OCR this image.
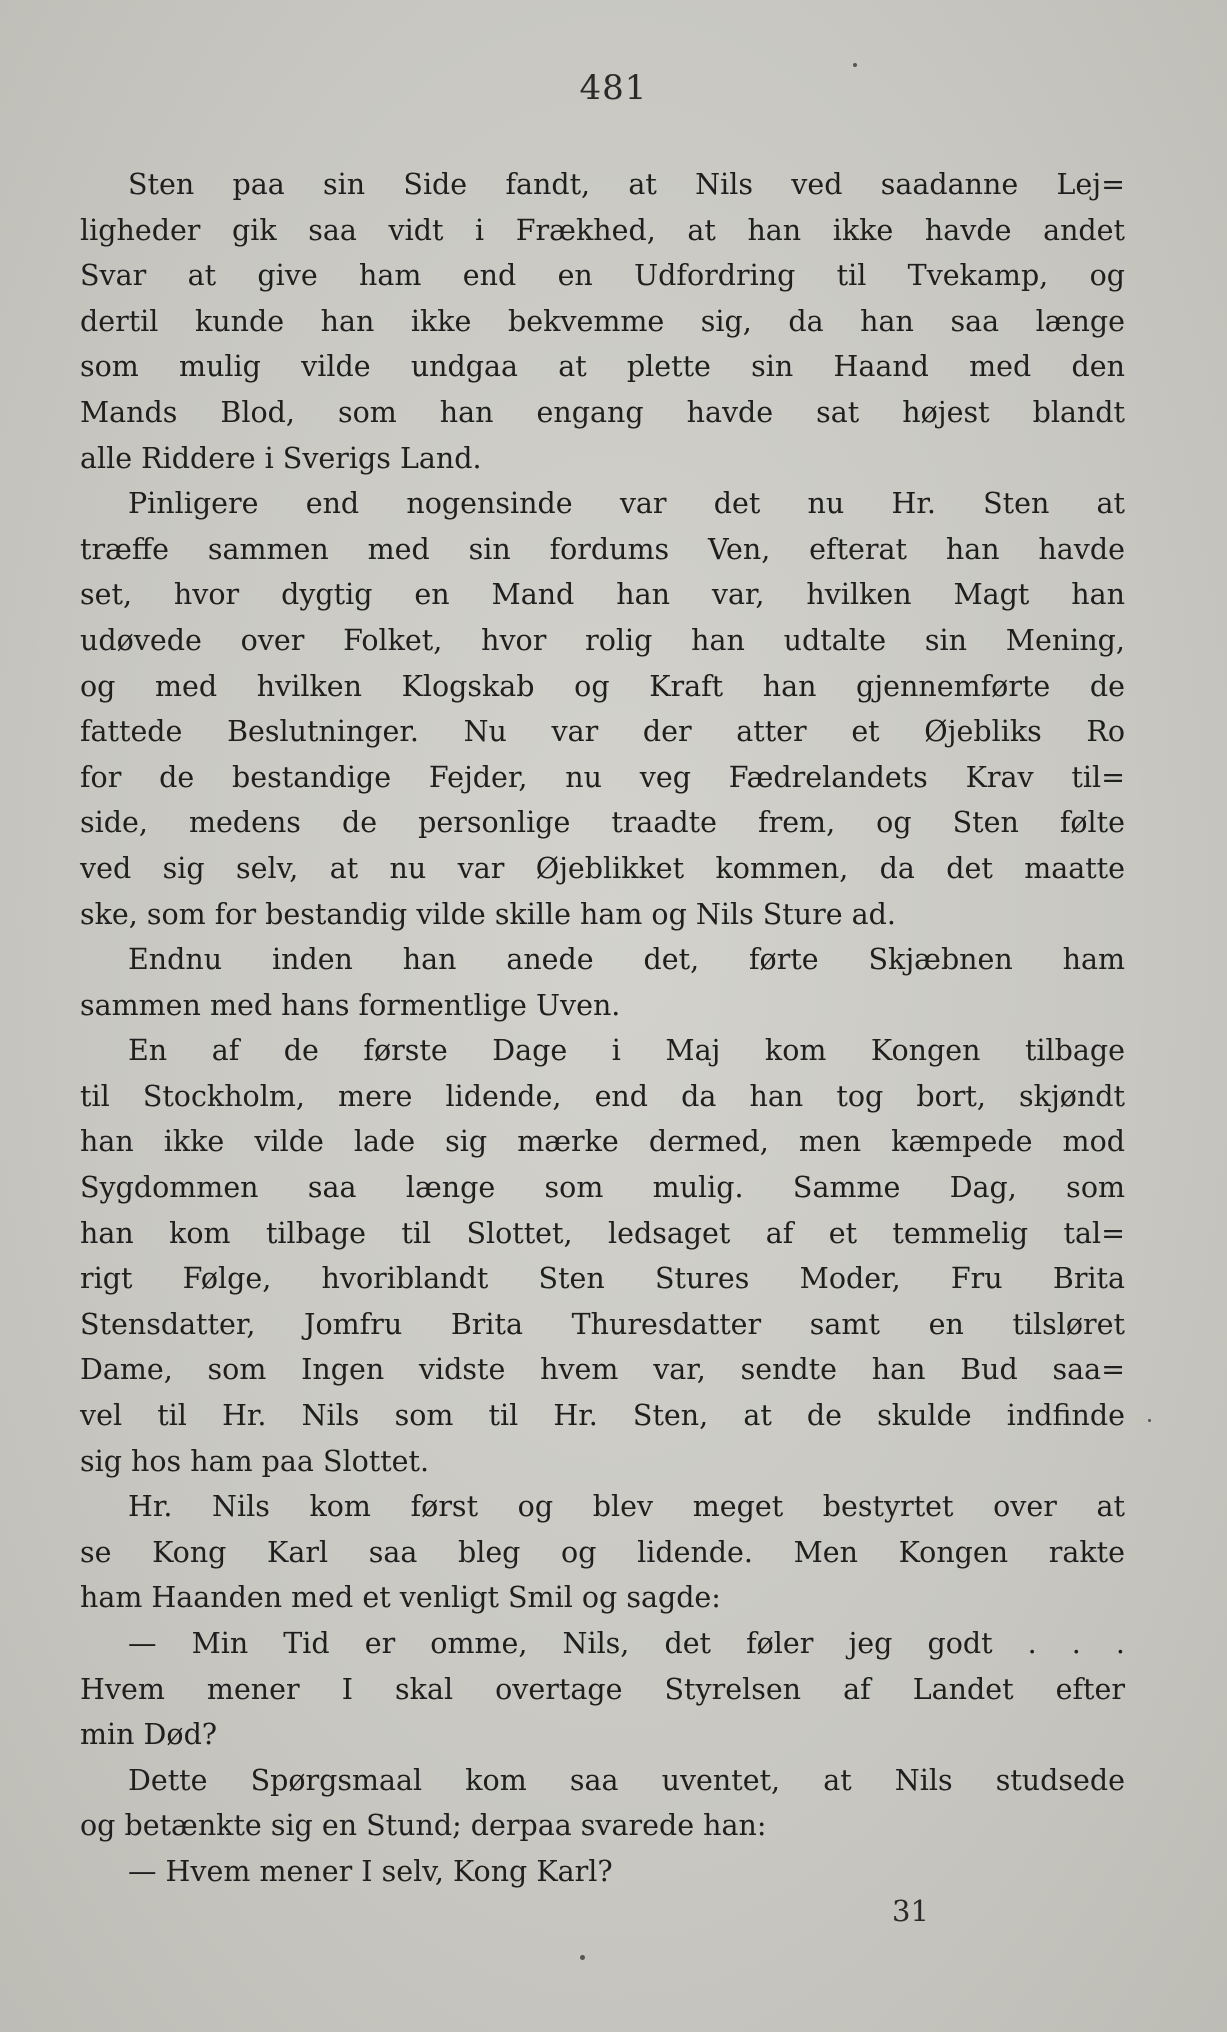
481
Sten paa sin Side fandt, at Nils ved saadanne Lej=
ligheder gik saa vidt i Frækhed, at han ikke havde andet
Svar at give ham end en Udfordring til Tvekamp, og
dertil kunde han ikke bekvemme sig, da han saa længe
som mulig vilde undgaa at plette sin Haand med den
Mands Blod, som han engang havde sat højest blandt
alle Riddere i Sverigs Land.
Pinligere end nogensinde var det nu Hr. Sten at
træffe sammen med sin fordums Ven, efterat han havde
set, hvor dygtig en Mand han var, hvilken Magt han
udøvede over Folket, hvor rolig han udtalte sin Mening,
og med hvilken Klogskab og Kraft han gjennemførte de
fattede Beslutninger. Nu var der atter et Øjebliks Ro
for de bestandige Fejder, nu veg Fædrelandets Krav til=
side, medens de personlige traadte frem, og Sten følte
ved sig selv, at nu var Øjeblikket kommen, da det maatte
ske, som for bestandig vilde skille ham og Nils Sture ad.
Endnu inden han anede det, førte Skjæbnen ham
sammen med hans formentlige Uven.
En af de første Dage i Maj kom Kongen tilbage
til Stockholm, mere lidende, end da han tog bort, skjøndt
han ikke vilde lade sig mærke dermed, men kæmpede mod
Sygdommen saa længe som mulig. Samme Dag, som
han kom tilbage til Slottet, ledsaget af et temmelig tal=
rigt Følge, hvoriblandt Sten Stures Moder, Fru Brita
Stensdatter, Jomfru Brita Thuresdatter samt en tilsløret
Dame, som Ingen vidste hvem var, sendte han Bud saa=
vel til Hr. Nils som til Hr. Sten, at de skulde indfinde
sig hos ham paa Slottet.
Hr. Nils kom først og blev meget bestyrtet over at
se Kong Karl saa bleg og lidende. Men Kongen rakte
ham Haanden med et venligt Smil og sagde:
— Min Tid er omme, Nils, det føler jeg godt . . .
Hvem mener I skal overtage Styrelsen af Landet efter
min Død?
Dette Spørgsmaal kom saa uventet, at Nils studsede
og betænkte sig en Stund; derpaa svarede han:
— Hvem mener I selv, Kong Karl?
31
